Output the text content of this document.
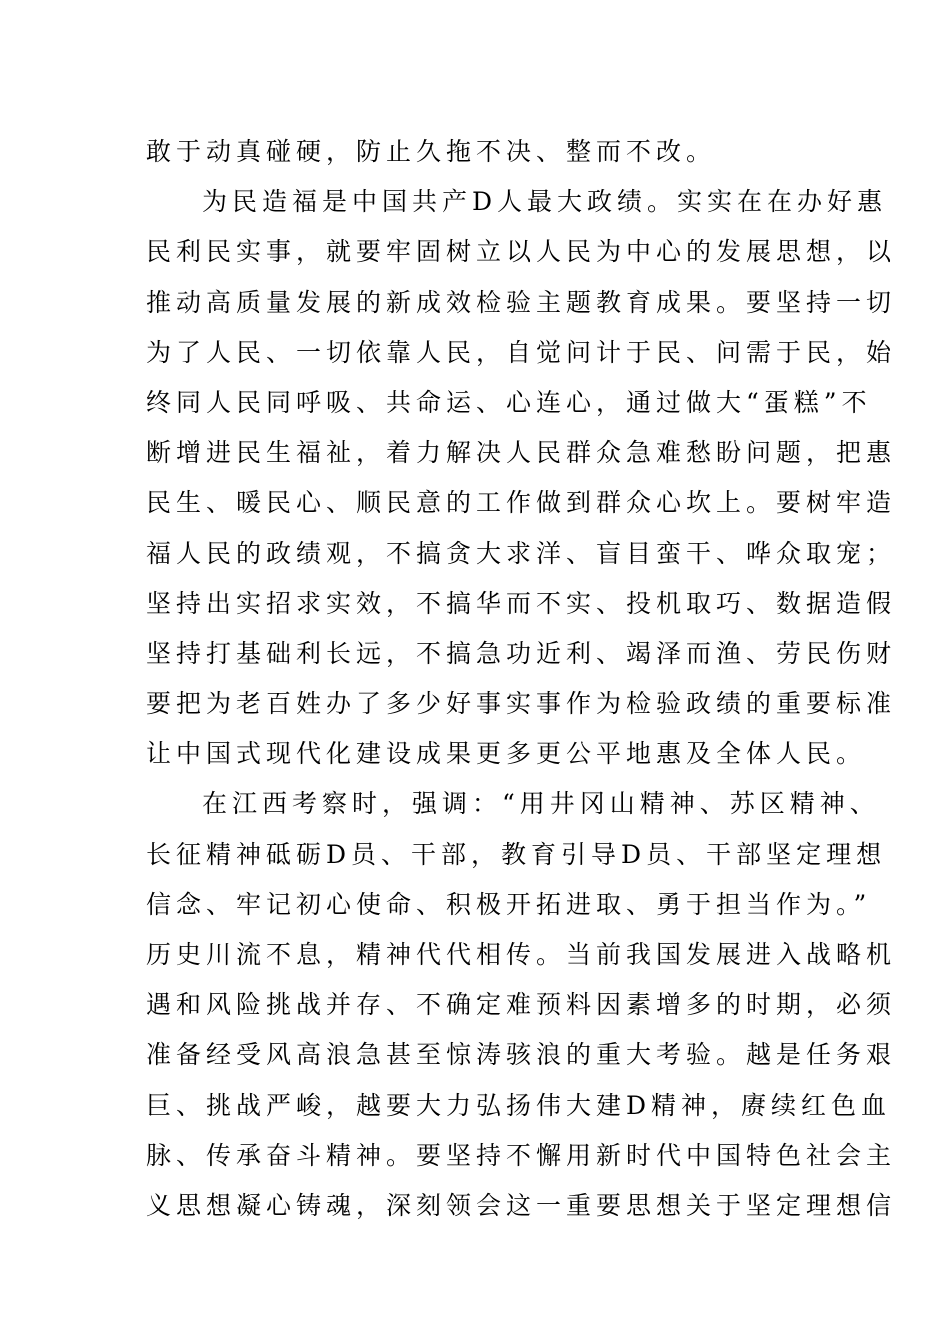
敢于动真碰硬，防止久拖不决、整而不改。
为民造福是中国共产D人最大政绩。实实在在办好惠
民利民实事，就要牢固树立以人民为中心的发展思想，以
推动高质量发展的新成效检验主题教育成果。要坚持一切
为了人民、一切依靠人民，自觉问计于民、问需于民，始
终同人民同呼吸、共命运、心连心，通过做大“蛋糕”不
断增进民生福祉，着力解决人民群众急难愁盼问题，把惠
民生、暖民心、顺民意的工作做到群众心坎上。要树牢造
福人民的政绩观，不搞贪大求洋、盲目蛮干、哗众取宠；
坚持出实招求实效，不搞华而不实、投机取巧、数据造假
坚持打基础利长远，不搞急功近利、竭泽而渔、劳民伤财
要把为老百姓办了多少好事实事作为检验政绩的重要标准
让中国式现代化建设成果更多更公平地惠及全体人民。
在江西考察时，强调：“用井冈山精神、苏区精神、
长征精神砥砺D员、干部，教育引导D员、干部坚定理想
信念、牢记初心使命、积极开拓进取、勇于担当作为。”
历史川流不息，精神代代相传。当前我国发展进入战略机
遇和风险挑战并存、不确定难预料因素增多的时期，必须
准备经受风高浪急甚至惊涛骇浪的重大考验。越是任务艰
巨、挑战严峻，越要大力弘扬伟大建D精神，赓续红色血
脉、传承奋斗精神。要坚持不懈用新时代中国特色社会主
义思想凝心铸魂，深刻领会这一重要思想关于坚定理想信
